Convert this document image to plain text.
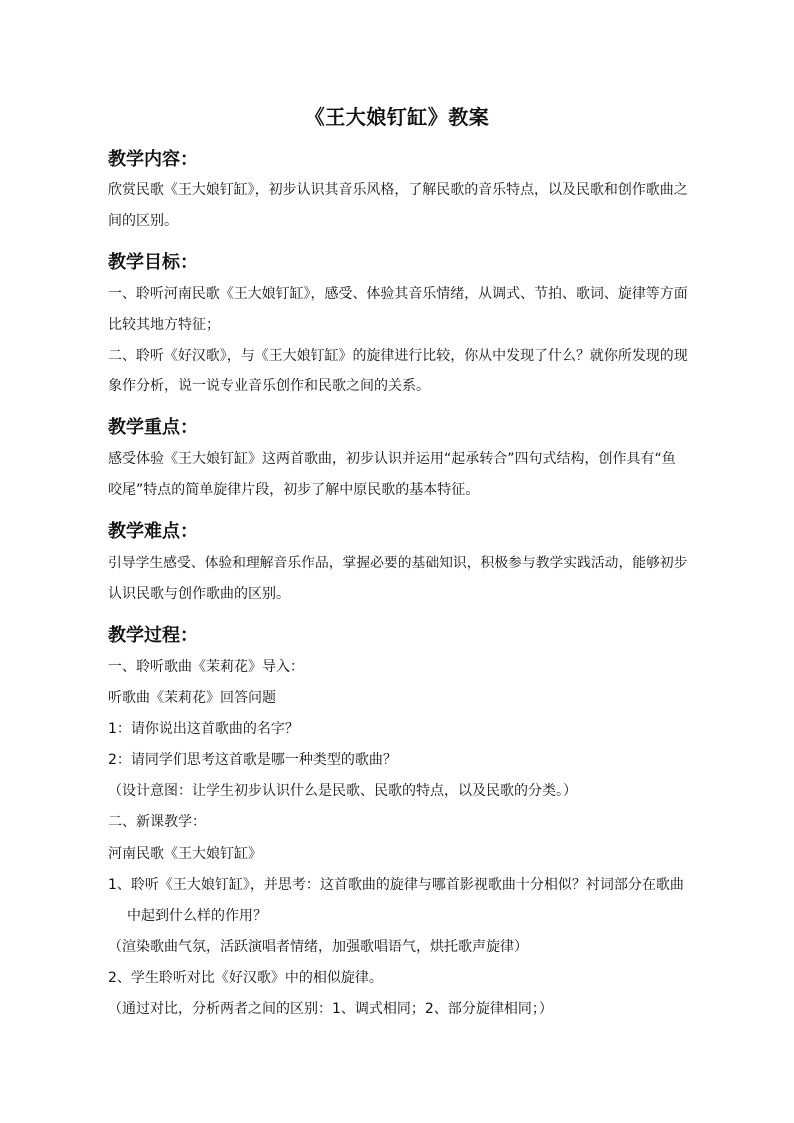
《王大娘钉缸》教案
教学内容：
欣赏民歌《王大娘钉缸》，初步认识其音乐风格，了解民歌的音乐特点，以及民歌和创作歌曲之
间的区别。
教学目标：
一、聆听河南民歌《王大娘钉缸》，感受、体验其音乐情绪，从调式、节拍、歌词、旋律等方面
比较其地方特征；
二、聆听《好汉歌》，与《王大娘钉缸》的旋律进行比较，你从中发现了什么？就你所发现的现
象作分析，说一说专业音乐创作和民歌之间的关系。
教学重点：
感受体验《王大娘钉缸》这两首歌曲，初步认识并运用“起承转合”四句式结构，创作具有“鱼
咬尾”特点的简单旋律片段，初步了解中原民歌的基本特征。
教学难点：
引导学生感受、体验和理解音乐作品，掌握必要的基础知识，积极参与教学实践活动，能够初步
认识民歌与创作歌曲的区别。
教学过程：
一、聆听歌曲《茉莉花》导入：
听歌曲《茉莉花》回答问题
1：请你说出这首歌曲的名字？
2：请同学们思考这首歌是哪一种类型的歌曲？
（设计意图：让学生初步认识什么是民歌、民歌的特点，以及民歌的分类。）
二、新课教学：
河南民歌《王大娘钉缸》
1、聆听《王大娘钉缸》，并思考：这首歌曲的旋律与哪首影视歌曲十分相似？衬词部分在歌曲
中起到什么样的作用？
（渲染歌曲气氛，活跃演唱者情绪，加强歌唱语气，烘托歌声旋律）
2、学生聆听对比《好汉歌》中的相似旋律。
（通过对比，分析两者之间的区别：1、调式相同；2、部分旋律相同；）
